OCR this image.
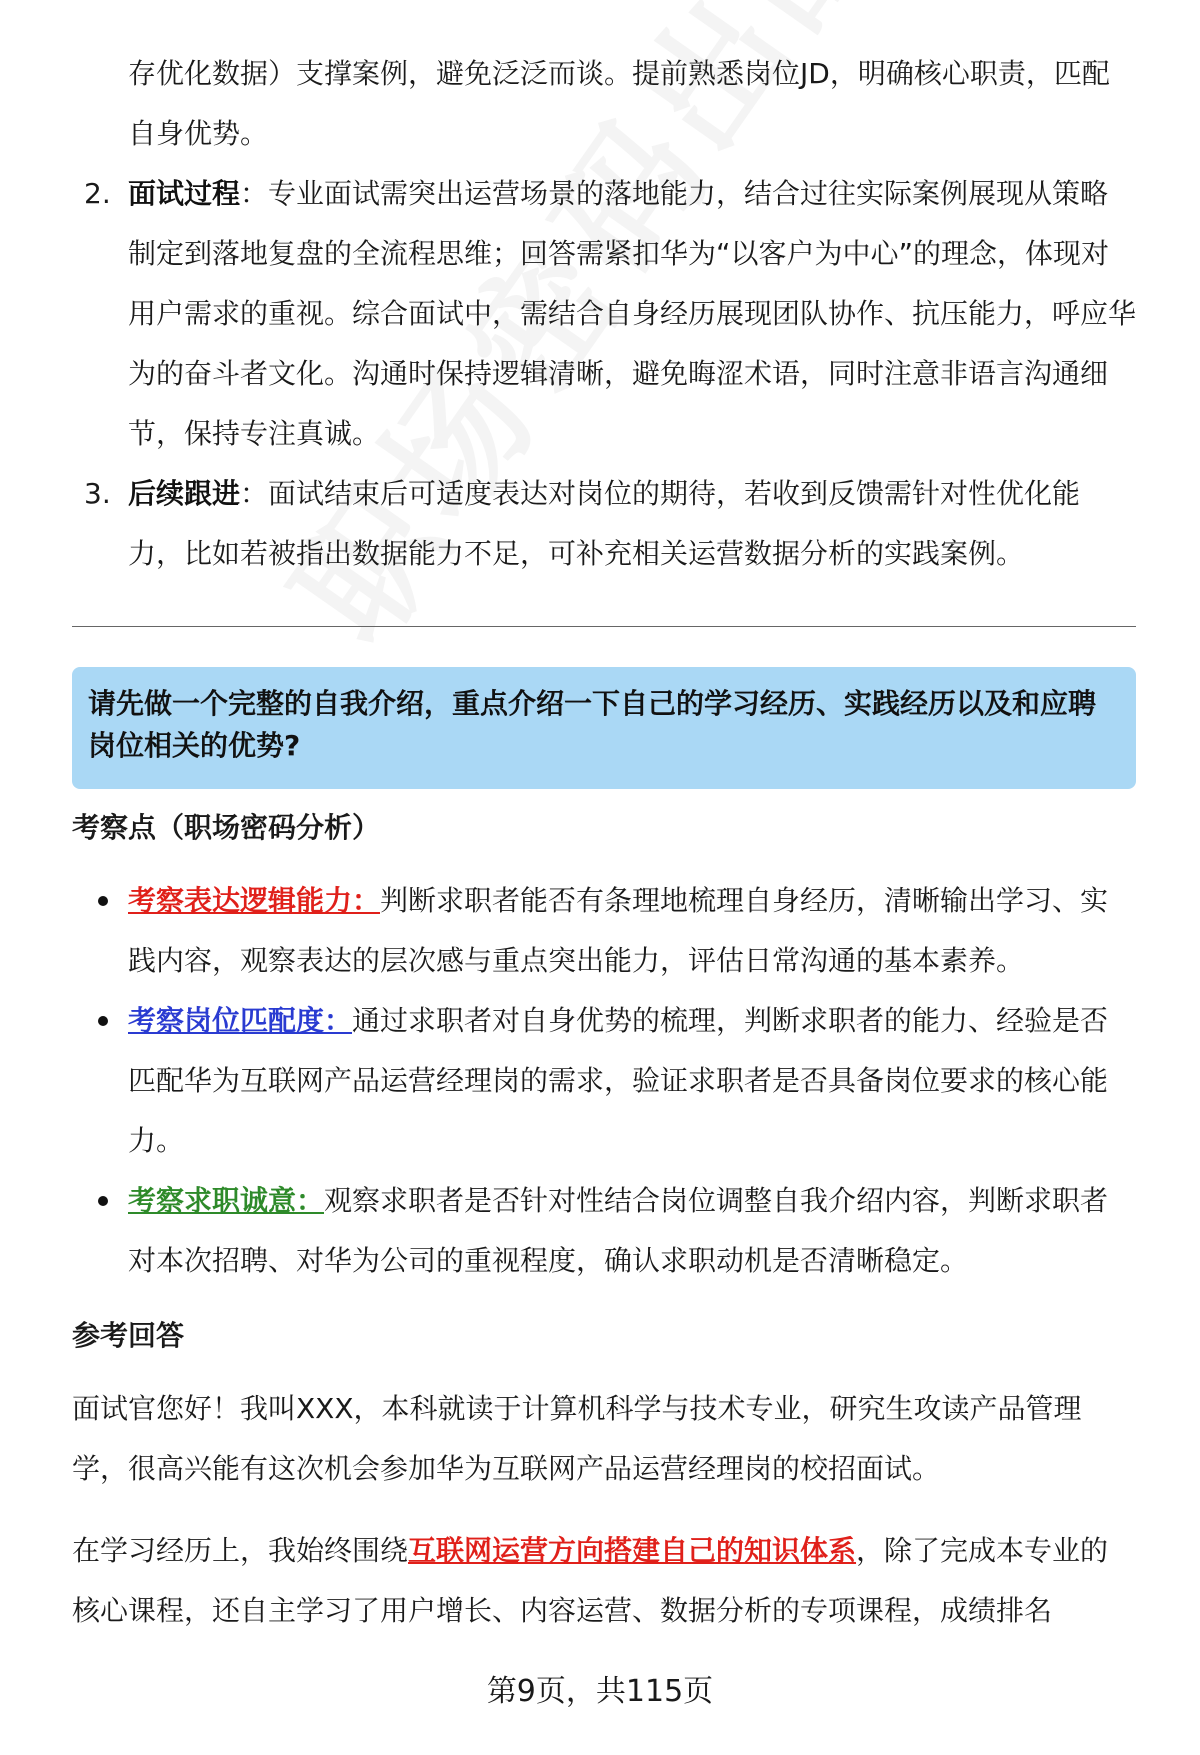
存优化数据）支撑案例，避免泛泛而谈。提前熟悉岗位JD，明确核心职责，匹配自身优势。
2. 面试过程：专业面试需突出运营场景的落地能力，结合过往实际案例展现从策略制定到落地复盘的全流程思维；回答需紧扣华为“以客户为中心”的理念，体现对用户需求的重视。综合面试中，需结合自身经历展现团队协作、抗压能力，呼应华为的奋斗者文化。沟通时保持逻辑清晰，避免晦涩术语，同时注意非语言沟通细节，保持专注真诚。
3. 后续跟进：面试结束后可适度表达对岗位的期待，若收到反馈需针对性优化能力，比如若被指出数据能力不足，可补充相关运营数据分析的实践案例。
请先做一个完整的自我介绍，重点介绍一下自己的学习经历、实践经历以及和应聘岗位相关的优势?
考察点（职场密码分析）
考察表达逻辑能力：判断求职者能否有条理地梳理自身经历，清晰输出学习、实践内容，观察表达的层次感与重点突出能力，评估日常沟通的基本素养。
考察岗位匹配度：通过求职者对自身优势的梳理，判断求职者的能力、经验是否匹配华为互联网产品运营经理岗的需求，验证求职者是否具备岗位要求的核心能力。
考察求职诚意：观察求职者是否针对性结合岗位调整自我介绍内容，判断求职者对本次招聘、对华为公司的重视程度，确认求职动机是否清晰稳定。
参考回答
面试官您好！我叫XXX，本科就读于计算机科学与技术专业，研究生攻读产品管理学，很高兴能有这次机会参加华为互联网产品运营经理岗的校招面试。
在学习经历上，我始终围绕互联网运营方向搭建自己的知识体系，除了完成本专业的核心课程，还自主学习了用户增长、内容运营、数据分析的专项课程，成绩排名
第9页，共115页
